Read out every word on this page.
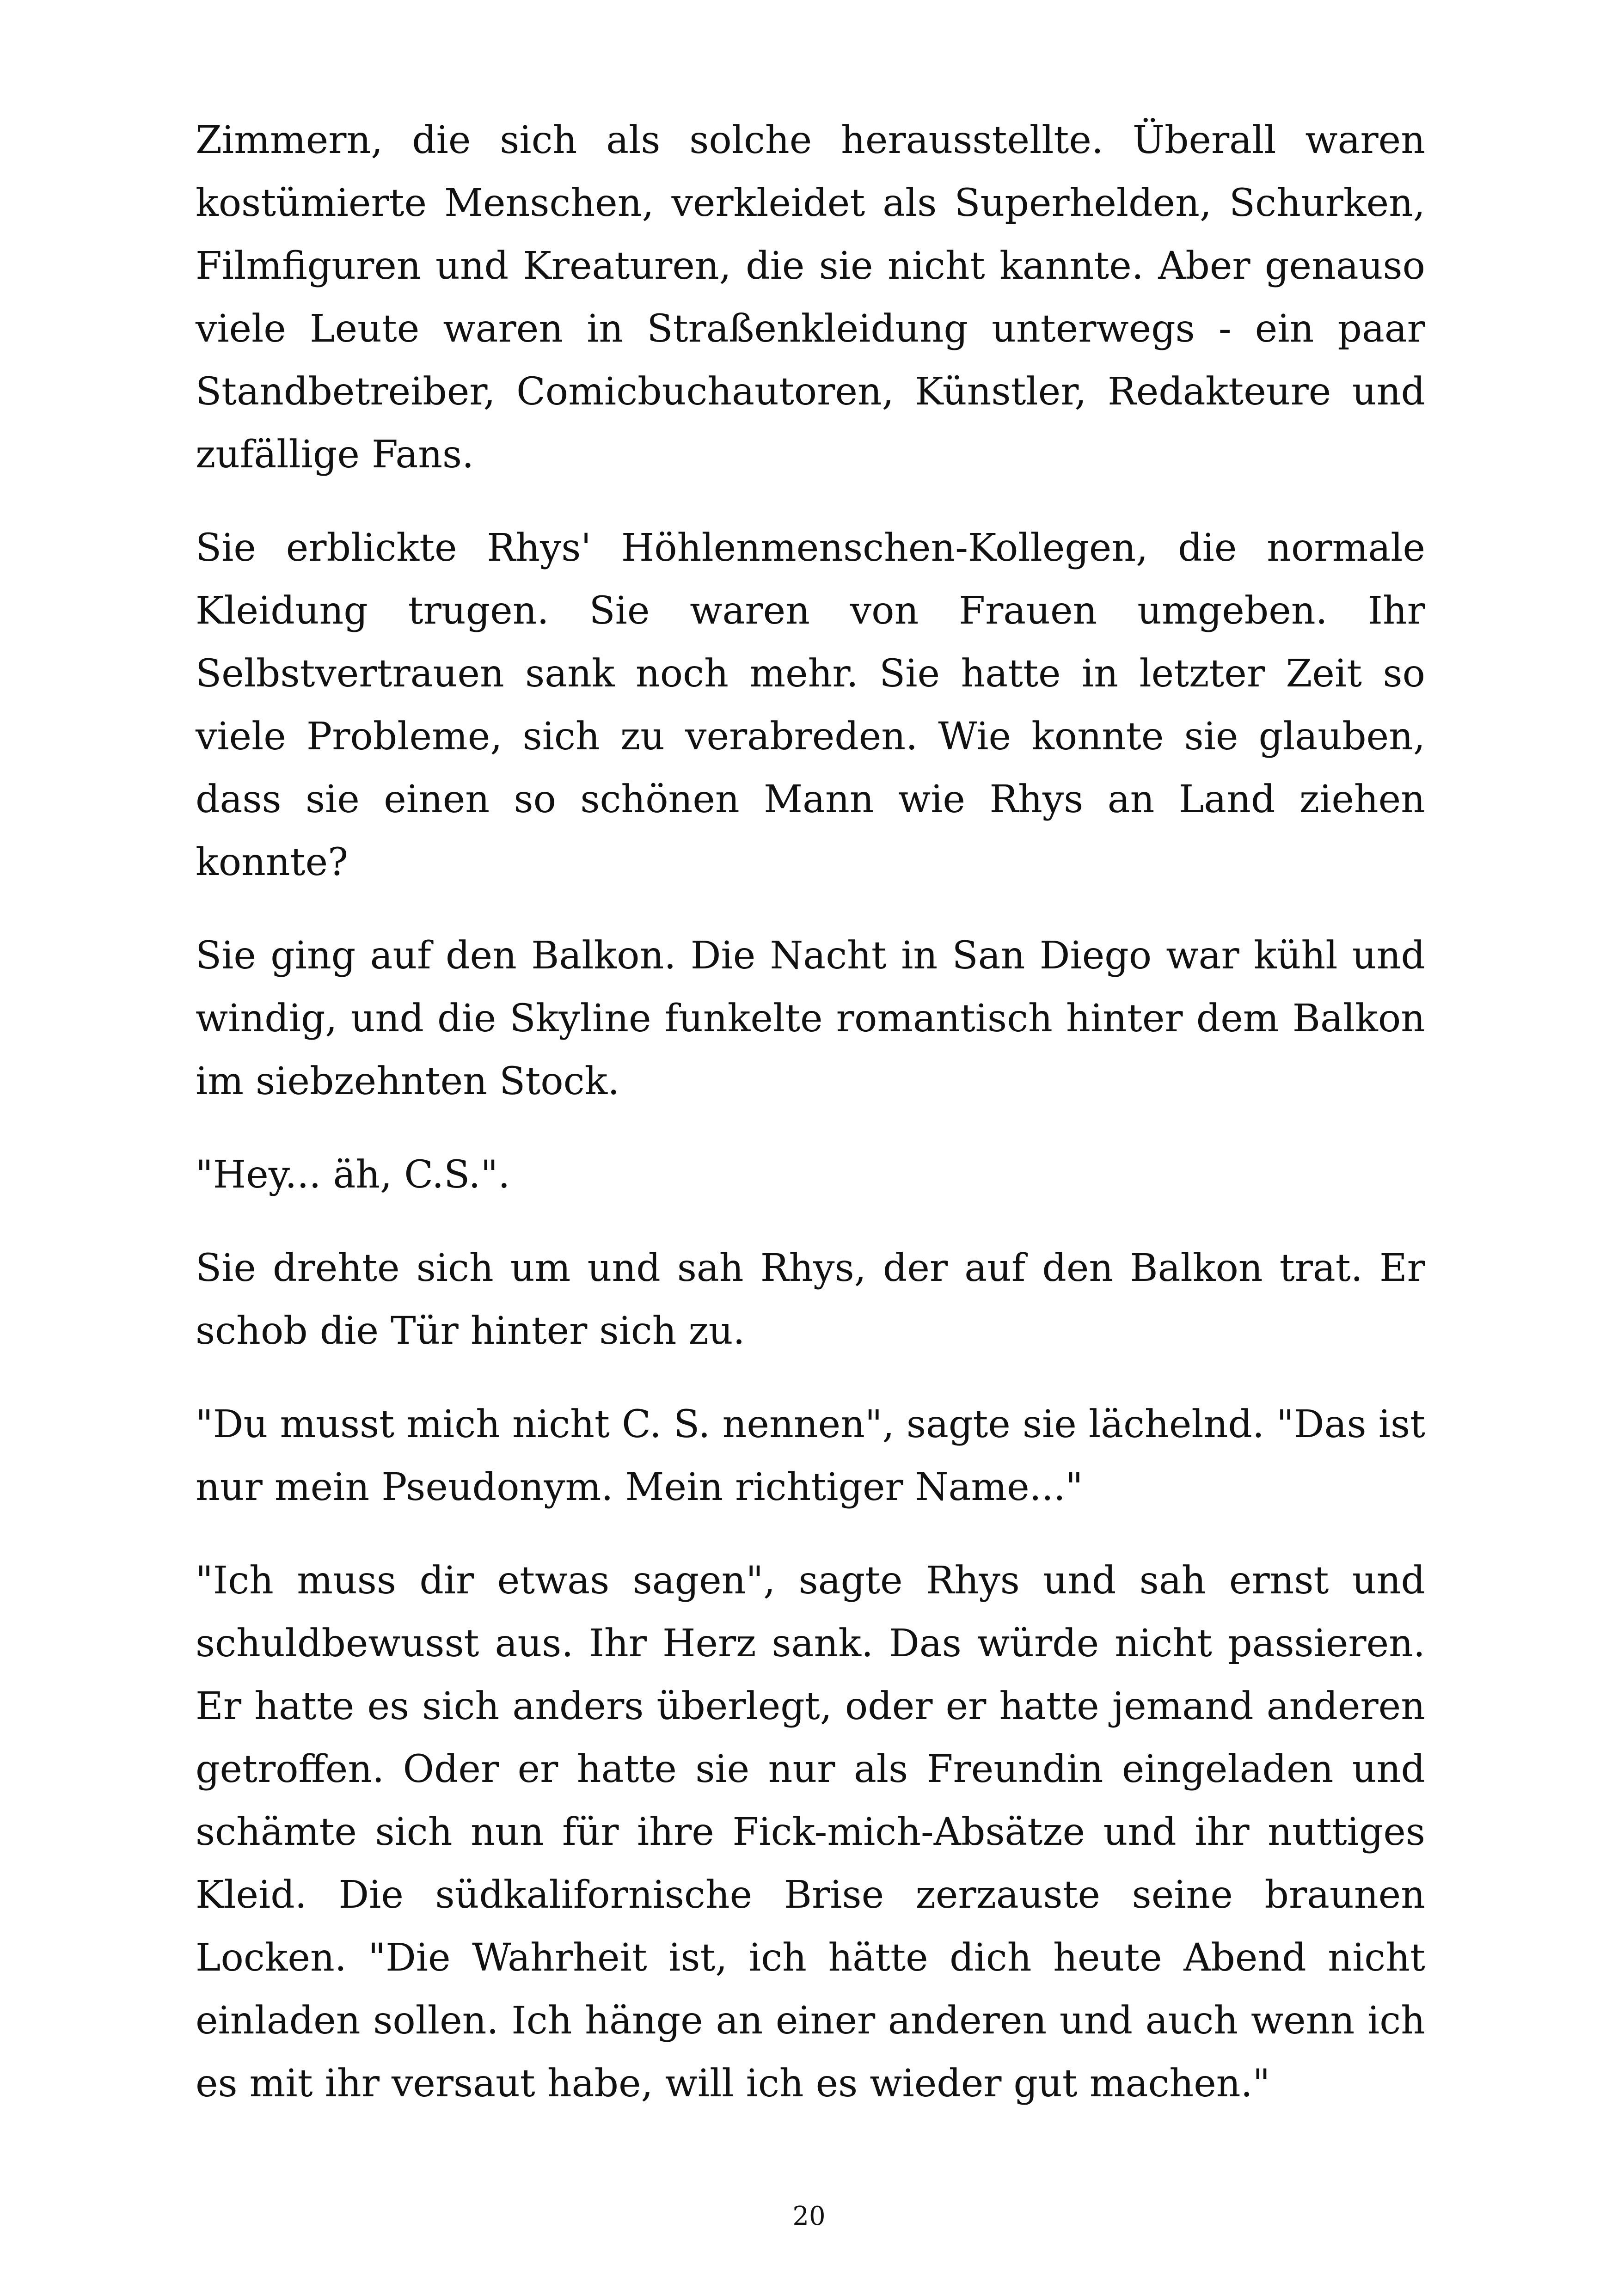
Zimmern, die sich als solche herausstellte. Überall waren kostümierte Menschen, verkleidet als Superhelden, Schurken, Filmfiguren und Kreaturen, die sie nicht kannte. Aber genauso viele Leute waren in Straßenkleidung unterwegs - ein paar Standbetreiber, Comicbuchautoren, Künstler, Redakteure und zufällige Fans.

Sie erblickte Rhys' Höhlenmenschen-Kollegen, die normale Kleidung trugen. Sie waren von Frauen umgeben. Ihr Selbstvertrauen sank noch mehr. Sie hatte in letzter Zeit so viele Probleme, sich zu verabreden. Wie konnte sie glauben, dass sie einen so schönen Mann wie Rhys an Land ziehen konnte?

Sie ging auf den Balkon. Die Nacht in San Diego war kühl und windig, und die Skyline funkelte romantisch hinter dem Balkon im siebzehnten Stock.

"Hey... äh, C.S.".

Sie drehte sich um und sah Rhys, der auf den Balkon trat. Er schob die Tür hinter sich zu.

"Du musst mich nicht C. S. nennen", sagte sie lächelnd. "Das ist nur mein Pseudonym. Mein richtiger Name..."

"Ich muss dir etwas sagen", sagte Rhys und sah ernst und schuldbewusst aus. Ihr Herz sank. Das würde nicht passieren. Er hatte es sich anders überlegt, oder er hatte jemand anderen getroffen. Oder er hatte sie nur als Freundin eingeladen und schämte sich nun für ihre Fick-mich-Absätze und ihr nuttiges Kleid. Die südkalifornische Brise zerzauste seine braunen Locken. "Die Wahrheit ist, ich hätte dich heute Abend nicht einladen sollen. Ich hänge an einer anderen und auch wenn ich es mit ihr versaut habe, will ich es wieder gut machen."

20
